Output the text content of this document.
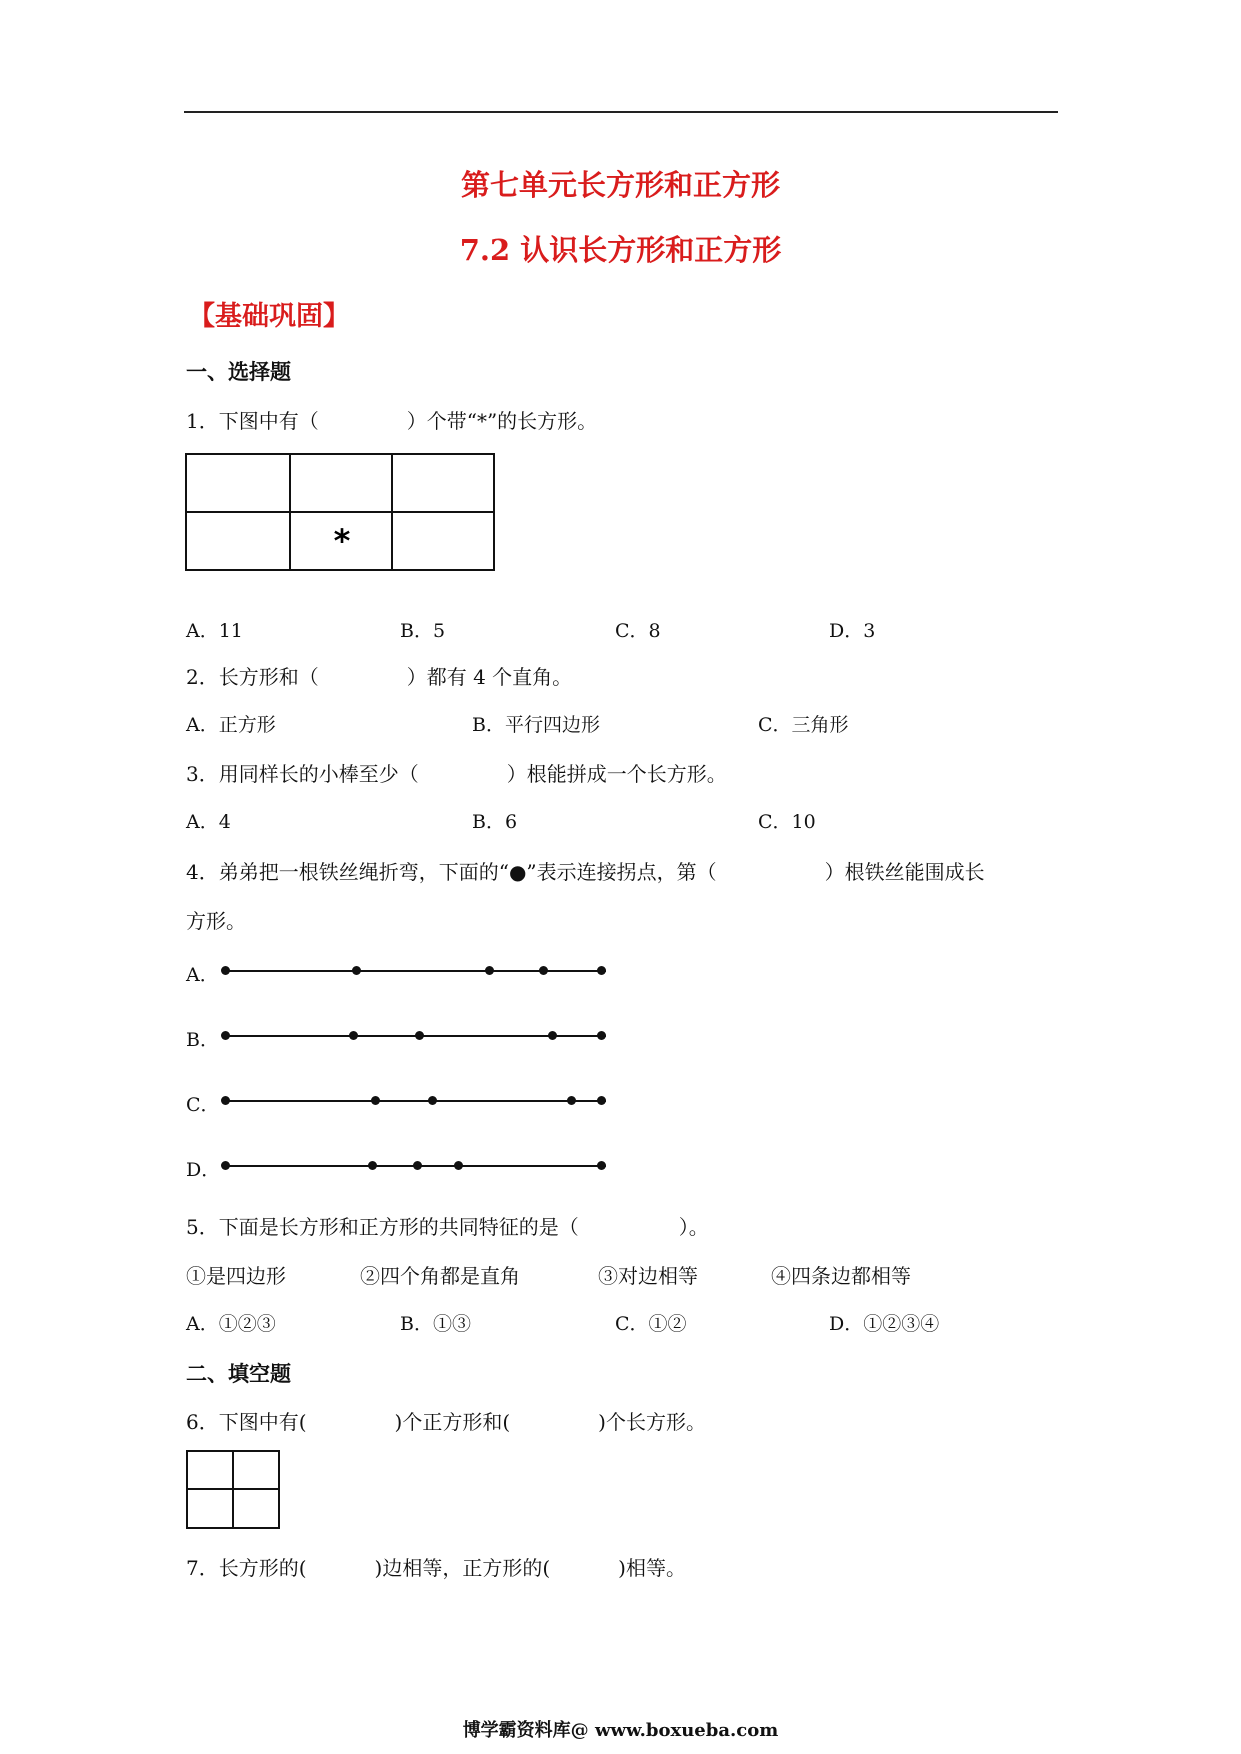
第七单元长方形和正方形
7.2 认识长方形和正方形
【基础巩固】
一、选择题
1．下图中有（	）个带“*”的长方形。
*
A．11	B．5	C．8	D．3
2．长方形和（	）都有 4 个直角。
A．正方形	B．平行四边形	C．三角形
3．用同样长的小棒至少（	）根能拼成一个长方形。
A．4	B．6	C．10
4．弟弟把一根铁丝绳折弯，下面的“●”表示连接拐点，第（	）根铁丝能围成长
方形。
A．
B．
C．
D．
5．下面是长方形和正方形的共同特征的是（	）。
①是四边形	②四个角都是直角	③对边相等	④四条边都相等
A．①②③	B．①③	C．①②	D．①②③④
二、填空题
6．下图中有(	)个正方形和(	)个长方形。
7．长方形的(	)边相等，正方形的(	)相等。
博学霸资料库@ www.boxueba.com
